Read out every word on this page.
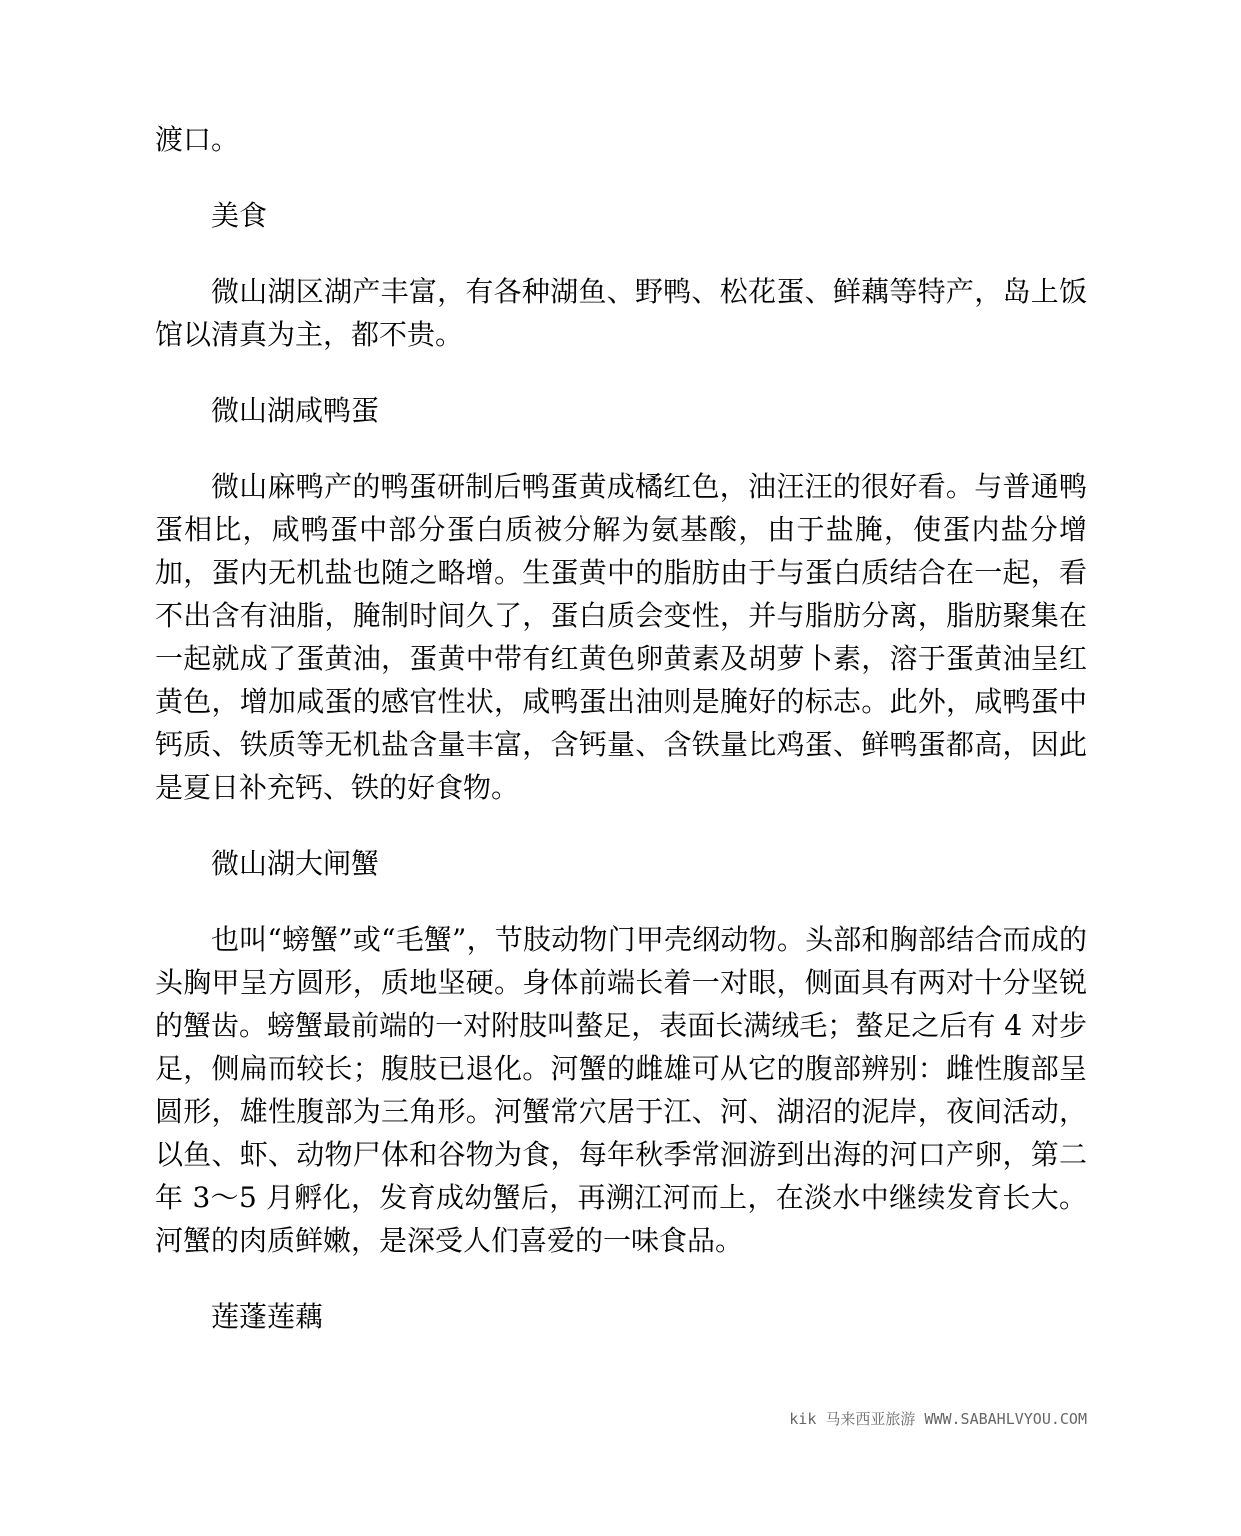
渡口。

美食

微山湖区湖产丰富，有各种湖鱼、野鸭、松花蛋、鲜藕等特产，岛上饭馆以清真为主，都不贵。

微山湖咸鸭蛋

微山麻鸭产的鸭蛋研制后鸭蛋黄成橘红色，油汪汪的很好看。与普通鸭蛋相比，咸鸭蛋中部分蛋白质被分解为氨基酸，由于盐腌，使蛋内盐分增加，蛋内无机盐也随之略增。生蛋黄中的脂肪由于与蛋白质结合在一起，看不出含有油脂，腌制时间久了，蛋白质会变性，并与脂肪分离，脂肪聚集在一起就成了蛋黄油，蛋黄中带有红黄色卵黄素及胡萝卜素，溶于蛋黄油呈红黄色，增加咸蛋的感官性状，咸鸭蛋出油则是腌好的标志。此外，咸鸭蛋中钙质、铁质等无机盐含量丰富，含钙量、含铁量比鸡蛋、鲜鸭蛋都高，因此是夏日补充钙、铁的好食物。

微山湖大闸蟹

也叫“螃蟹”或“毛蟹”，节肢动物门甲壳纲动物。头部和胸部结合而成的头胸甲呈方圆形，质地坚硬。身体前端长着一对眼，侧面具有两对十分坚锐的蟹齿。螃蟹最前端的一对附肢叫螯足，表面长满绒毛；螯足之后有 4 对步足，侧扁而较长；腹肢已退化。河蟹的雌雄可从它的腹部辨别：雌性腹部呈圆形，雄性腹部为三角形。河蟹常穴居于江、河、湖沼的泥岸，夜间活动，以鱼、虾、动物尸体和谷物为食，每年秋季常洄游到出海的河口产卵，第二年 3～5 月孵化，发育成幼蟹后，再溯江河而上，在淡水中继续发育长大。河蟹的肉质鲜嫩，是深受人们喜爱的一味食品。

莲蓬莲藕

kik 马来西亚旅游 WWW.SABAHLVYOU.COM
